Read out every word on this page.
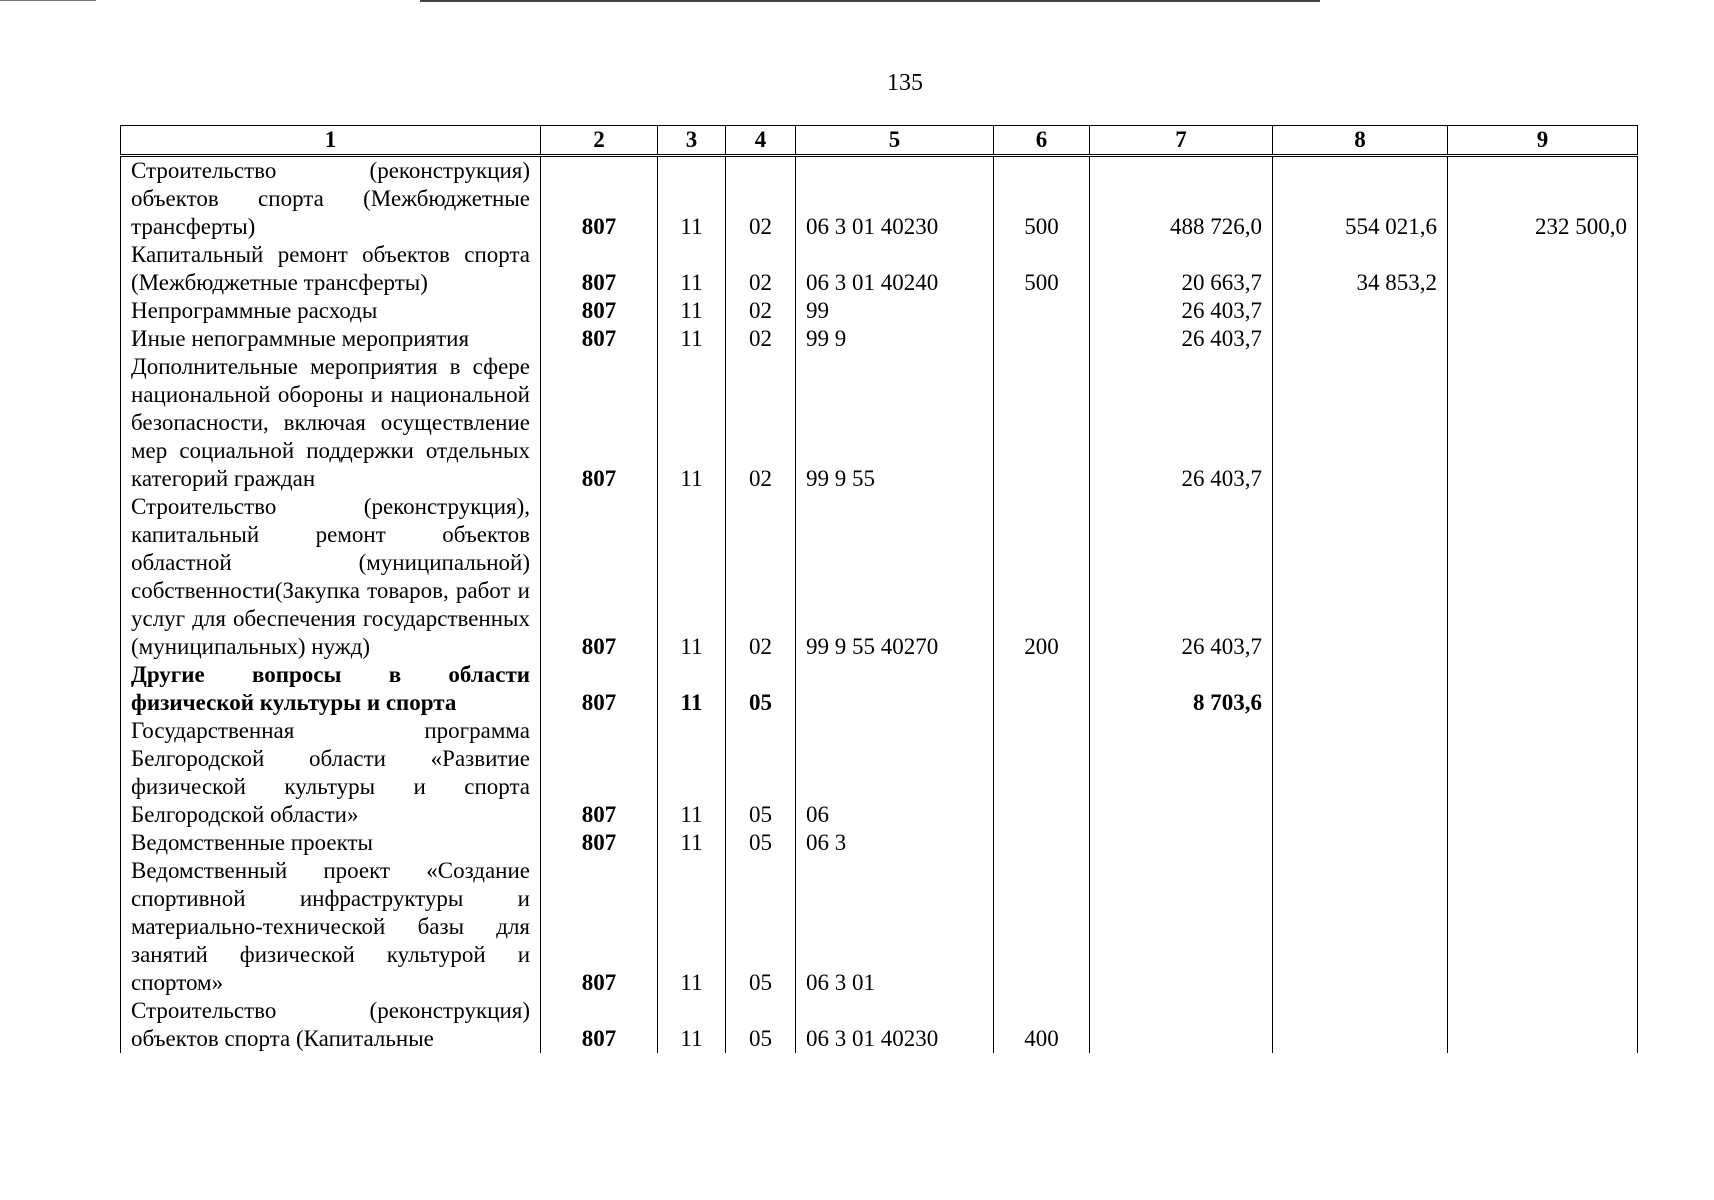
135
1	2	3	4	5	6	7	8	9
Строительство (реконструкция) объектов спорта (Межбюджетные трансферты)	807	11	02	06 3 01 40230	500	488 726,0	554 021,6	232 500,0
Капитальный ремонт объектов спорта (Межбюджетные трансферты)	807	11	02	06 3 01 40240	500	20 663,7	34 853,2	
Непрограммные расходы	807	11	02	99		26 403,7		
Иные непограммные мероприятия	807	11	02	99 9		26 403,7		
Дополнительные мероприятия в сфере национальной обороны и национальной безопасности, включая осуществление мер социальной поддержки отдельных категорий граждан	807	11	02	99 9 55		26 403,7		
Строительство (реконструкция), капитальный ремонт объектов областной (муниципальной) собственности(Закупка товаров, работ и услуг для обеспечения государственных (муниципальных) нужд)	807	11	02	99 9 55 40270	200	26 403,7		
Другие вопросы в области физической культуры и спорта	807	11	05			8 703,6		
Государственная программа Белгородской области «Развитие физической культуры и спорта Белгородской области»	807	11	05	06				
Ведомственные проекты	807	11	05	06 3				
Ведомственный проект «Создание спортивной инфраструктуры и материально-технической базы для занятий физической культурой и спортом»	807	11	05	06 3 01				
Строительство (реконструкция) объектов спорта (Капитальные	807	11	05	06 3 01 40230	400			
